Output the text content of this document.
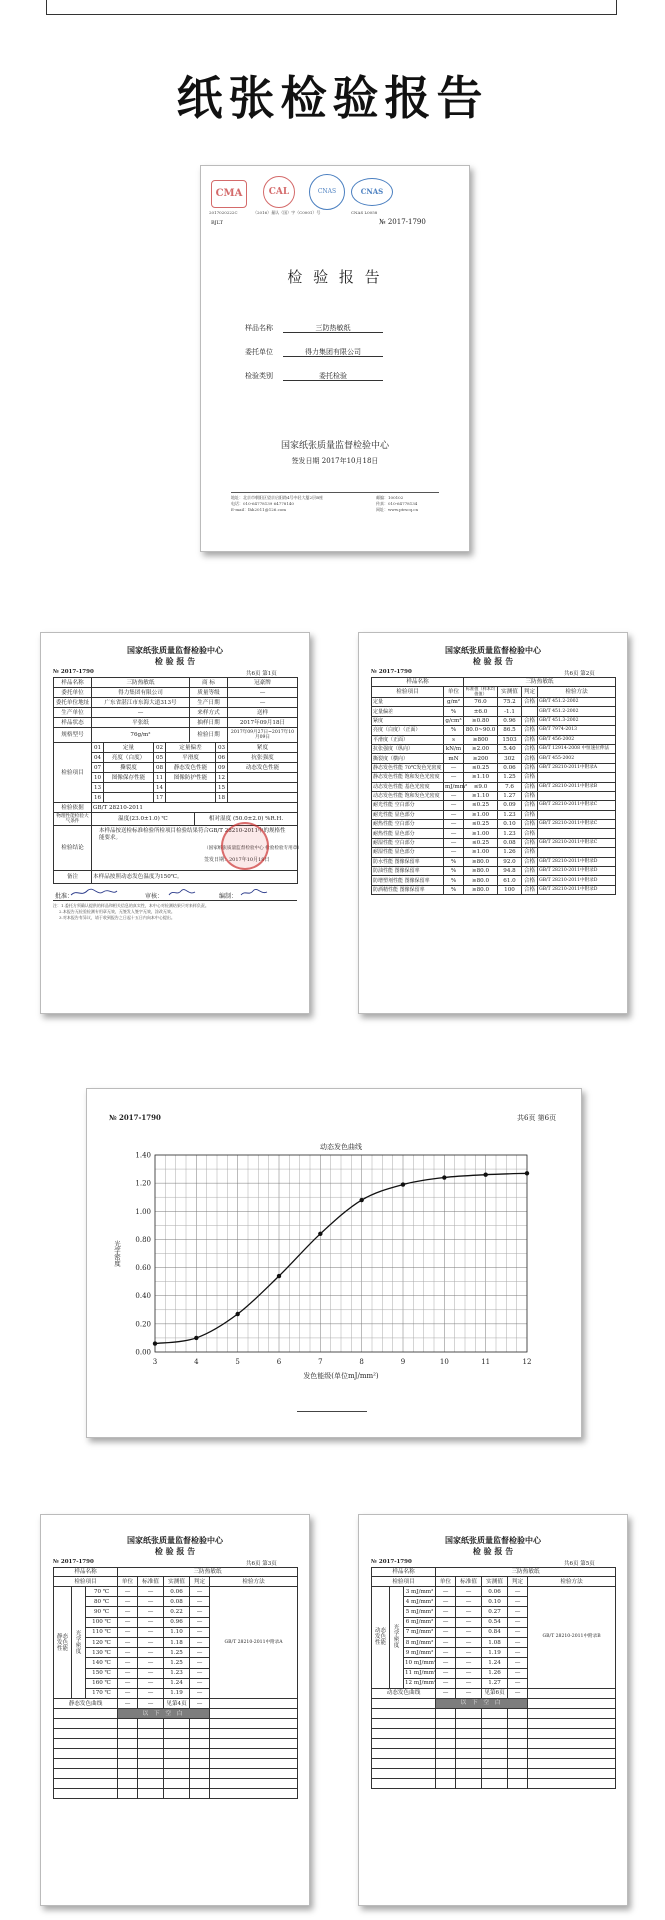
纸张检验报告
CMA	CAL	CNAS	CNAS
2017020222C	（2016）量认（国）字（C0001）号	CNAS L0058
BJLT	№ 2017-1790
检 验 报 告
样品名称	三防热敏纸
委托单位	得力集团有限公司
检验类别	委托检验
国家纸张质量监督检验中心
签发日期 2017年10月18日
地址：北京市朝阳区望京启阳路4号中轻大厦2层B座
电话：010-64778139 64778140
E-mail：lhh2011@126.com
邮编：100102
传真：010-64778134
网址：www.ptrscq.cn
国家纸张质量监督检验中心
检 验 报 告
№ 2017-1790	共6页 第1页
样品名称	三防热敏纸	商 标	冠豪牌
委托单位	得力集团有限公司	质量等级	—
委托单位地址	广东省湛江市东海大道313号	生产日期	—
生产单位	—	来样方式	送样
样品状态	平张纸	抽样日期	2017年09月18日
规格型号	76g/m²	检验日期	2017年09月27日~2017年10月09日
检验项目	01	定量	02	定量偏差	03	紧度
	04	亮度（白度）	05	平滑度	06	抗张强度
	07	撕裂度	08	静态发色性能	09	动态发色性能
	10	图像保存性能	11	图像防护性能	12	
	13		14		15	
	16		17		18	
检验依据	GB/T 28210-2011	
物理性能检验大气条件	温度(23.0±1.0) ℃	相对湿度 (50.0±2.0) %R.H.
检验结论	本样品按送检标准检验所检项目检验结果符合GB/T 28210-2011中的规格性能要求。
（国家纸张质量监督检验中心 检验检验专用章）
签发日期：2017年10月18日	

备注	本样品按照动态发色温度为150℃。	
批准：	审核：	编制：
注：1.委托方须确认提供的样品和相关信息的真实性，本中心对检测结果只对来样负责。
2.本报告无检验检测专用章无效，无签发人签字无效，涂改无效。
3.对本报告有异议，请于收到报告之日起十五日内向本中心提出。
国家纸张质量监督检验中心
检 验 报 告
№ 2017-1790	共6页 第2页
样品名称		三防热敏纸			
检验项目	单位	标准值（样本均值值）	实测值	判定	检验方法
定量	g/m²	76.0	75.2	合格	GB/T 451.2-2002
定量偏差	%	±6.0	-1.1		GB/T 451.2-2002
紧度	g/cm³	≥0.80	0.96	合格	GB/T 451.3-2002
亮度（白度）（正面）	%	80.0~90.0	86.5	合格	GB/T 7974-2013
平滑度（正面）	s	≥800	1503	合格	GB/T 456-2002
抗张强度（纵向）	kN/m	≥2.00	5.40	合格	GB/T 12914-2008 中恒速拉伸法
撕裂度（横向）	mN	≥200	302	合格	GB/T 455-2002
静态发色性能 70℃发色光密度	—	≤0.25	0.06	合格	GB/T 28210-2011中附录A
静态发色性能 饱和发色光密度	—	≥1.10	1.25	合格	
动态发色性能 基色光密度	mJ/mm²	≤9.0	7.6	合格	GB/T 28210-2011中附录B
动态发色性能 饱和发色光密度	—	≥1.10	1.27	合格	
耐光性能 空白部分	—	≤0.25	0.09	合格	GB/T 28210-2011中附录C
耐光性能 显色部分	—	≥1.00	1.23	合格	
耐热性能 空白部分	—	≤0.25	0.10	合格	GB/T 28210-2011中附录C
耐热性能 显色部分	—	≥1.00	1.23	合格	
耐湿性能 空白部分	—	≤0.25	0.08	合格	GB/T 28210-2011中附录C
耐湿性能 显色部分	—	≥1.00	1.26	合格	
防水性能 图像保留率	%	≥80.0	92.0	合格	GB/T 28210-2011中附录D
防油性能 图像保留率	%	≥80.0	94.8	合格	GB/T 28210-2011中附录D
防增塑剂性能 图像保留率	%	≥80.0	61.0	合格	GB/T 28210-2011中附录D
防酒精性能 图像保留率	%	≥80.0	100	合格	GB/T 28210-2011中附录D
№ 2017-1790	共6页 第6页
3	4	5	6	7	8	9	10	11	12
0.00
0.20
0.40
0.60
0.80
1.00
1.20
1.40
动态发色曲线
发色能级(单位mJ/mm²)
光学密度
国家纸张质量监督检验中心
检 验 报 告
№ 2017-1790	共6页 第3页
样品名称			三防热敏纸				
检验项目			单位	标准值	实测值	判定	检验方法
静态发色性能	光学密度	70 ℃	—	—	0.06	—	GB/T 28210-2011中附录A
		80 ℃	—	—	0.08	—	
		90 ℃	—	—	0.22	—	
		100 ℃	—	—	0.96	—	
		110 ℃	—	—	1.10	—	
		120 ℃	—	—	1.18	—	
		130 ℃	—	—	1.25	—	
		140 ℃	—	—	1.25	—	
		150 ℃	—	—	1.23	—	
		160 ℃	—	—	1.24	—	
		170 ℃	—	—	1.19	—	
静态发色曲线			—	—	见第4页	—	
			以 下 空 白				

国家纸张质量监督检验中心
检 验 报 告
№ 2017-1790	共6页 第5页
样品名称			三防热敏纸				
检验项目			单位	标准值	实测值	判定	检验方法
动态发色性能	光学密度	3 mJ/mm²	—	—	0.06	—	GB/T 28210-2011中附录B
		4 mJ/mm²	—	—	0.10	—	
		5 mJ/mm²	—	—	0.27	—	
		6 mJ/mm²	—	—	0.54	—	
		7 mJ/mm²	—	—	0.84	—	
		8 mJ/mm²	—	—	1.08	—	
		9 mJ/mm²	—	—	1.19	—	
		10 mJ/mm²	—	—	1.24	—	
		11 mJ/mm²	—	—	1.26	—	
		12 mJ/mm²	—	—	1.27	—	
动态发色曲线			—	—	见第6页	—	
			以 下 空 白				
